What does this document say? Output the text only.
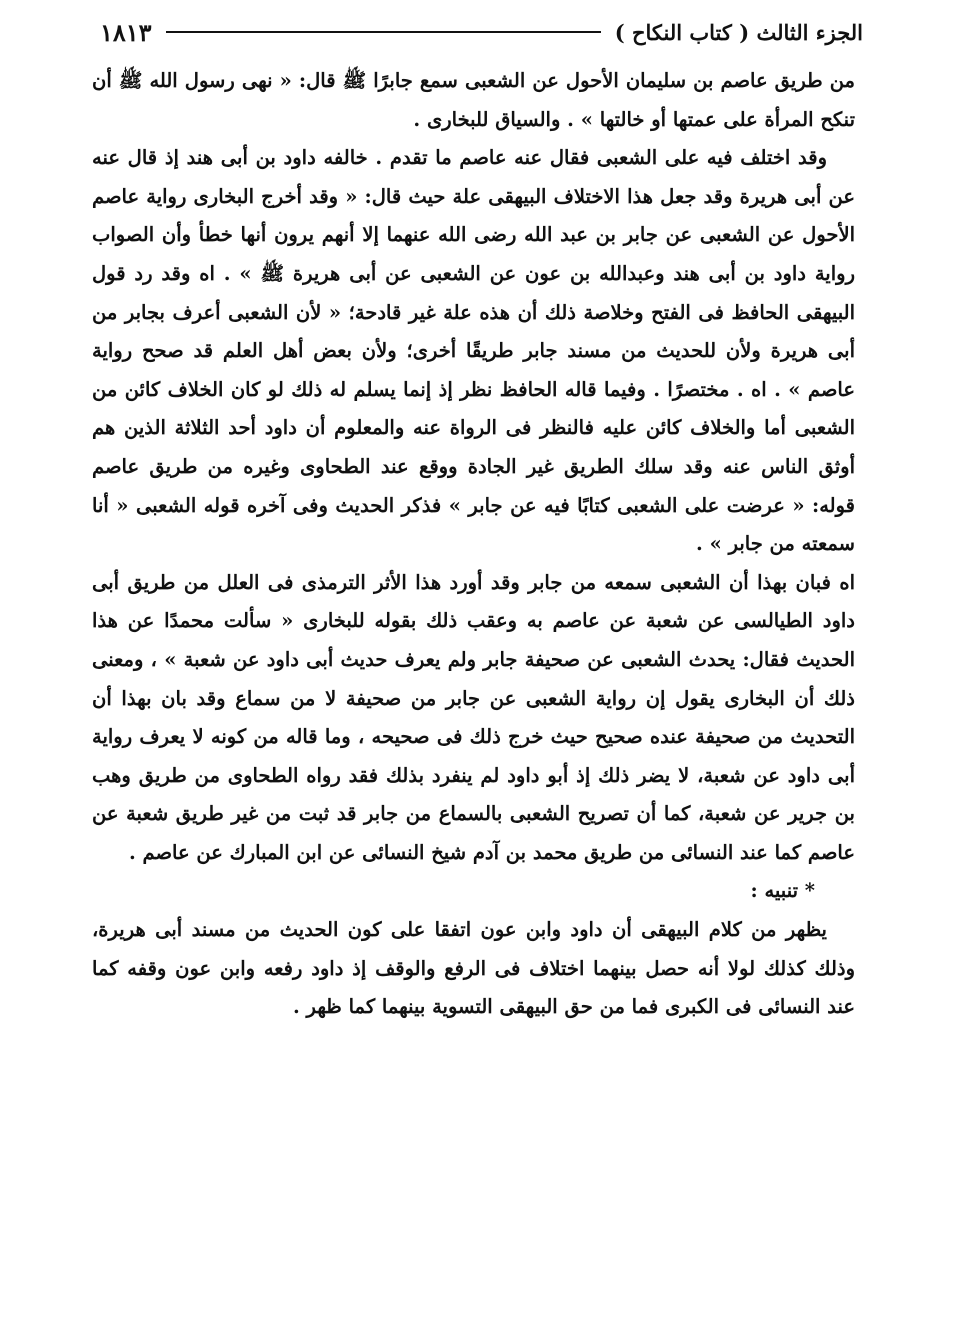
الجزء الثالث ( كتاب النكاح )
١٨١٣

من طريق عاصم بن سليمان الأحول عن الشعبى سمع جابرًا ﷺ قال: « نهى رسول الله ﷺ أن تنكح المرأة على عمتها أو خالتها » . والسياق للبخارى .

وقد اختلف فيه على الشعبى فقال عنه عاصم ما تقدم . خالفه داود بن أبى هند إذ قال عنه عن أبى هريرة وقد جعل هذا الاختلاف البيهقى علة حيث قال: « وقد أخرج البخارى رواية عاصم الأحول عن الشعبى عن جابر بن عبد الله رضى الله عنهما إلا أنهم يرون أنها خطأ وأن الصواب رواية داود بن أبى هند وعبدالله بن عون عن الشعبى عن أبى هريرة ﷺ » . اه وقد رد قول البيهقى الحافظ فى الفتح وخلاصة ذلك أن هذه علة غير قادحة؛ « لأن الشعبى أعرف بجابر من أبى هريرة ولأن للحديث من مسند جابر طريقًا أخرى؛ ولأن بعض أهل العلم قد صحح رواية عاصم » . اه . مختصرًا . وفيما قاله الحافظ نظر إذ إنما يسلم له ذلك لو كان الخلاف كائن من الشعبى أما والخلاف كائن عليه فالنظر فى الرواة عنه والمعلوم أن داود أحد الثلاثة الذين هم أوثق الناس عنه وقد سلك الطريق غير الجادة ووقع عند الطحاوى وغيره من طريق عاصم قوله: « عرضت على الشعبى كتابًا فيه عن جابر » فذكر الحديث وفى آخره قوله الشعبى « أنا سمعته من جابر » .

اه فبان بهذا أن الشعبى سمعه من جابر وقد أورد هذا الأثر الترمذى فى العلل من طريق أبى داود الطيالسى عن شعبة عن عاصم به وعقب ذلك بقوله للبخارى « سألت محمدًا عن هذا الحديث فقال: يحدث الشعبى عن صحيفة جابر ولم يعرف حديث أبى داود عن شعبة » ، ومعنى ذلك أن البخارى يقول إن رواية الشعبى عن جابر من صحيفة لا من سماع وقد بان بهذا أن التحديث من صحيفة عنده صحيح حيث خرج ذلك فى صحيحه ، وما قاله من كونه لا يعرف رواية أبى داود عن شعبة، لا يضر ذلك إذ أبو داود لم ينفرد بذلك فقد رواه الطحاوى من طريق وهب بن جرير عن شعبة، كما أن تصريح الشعبى بالسماع من جابر قد ثبت من غير طريق شعبة عن عاصم كما عند النسائى من طريق محمد بن آدم شيخ النسائى عن ابن المبارك عن عاصم .

* تنبيه :

يظهر من كلام البيهقى أن داود وابن عون اتفقا على كون الحديث من مسند أبى هريرة، وذلك كذلك لولا أنه حصل بينهما اختلاف فى الرفع والوقف إذ داود رفعه وابن عون وقفه كما عند النسائى فى الكبرى فما من حق البيهقى التسوية بينهما كما ظهر .
